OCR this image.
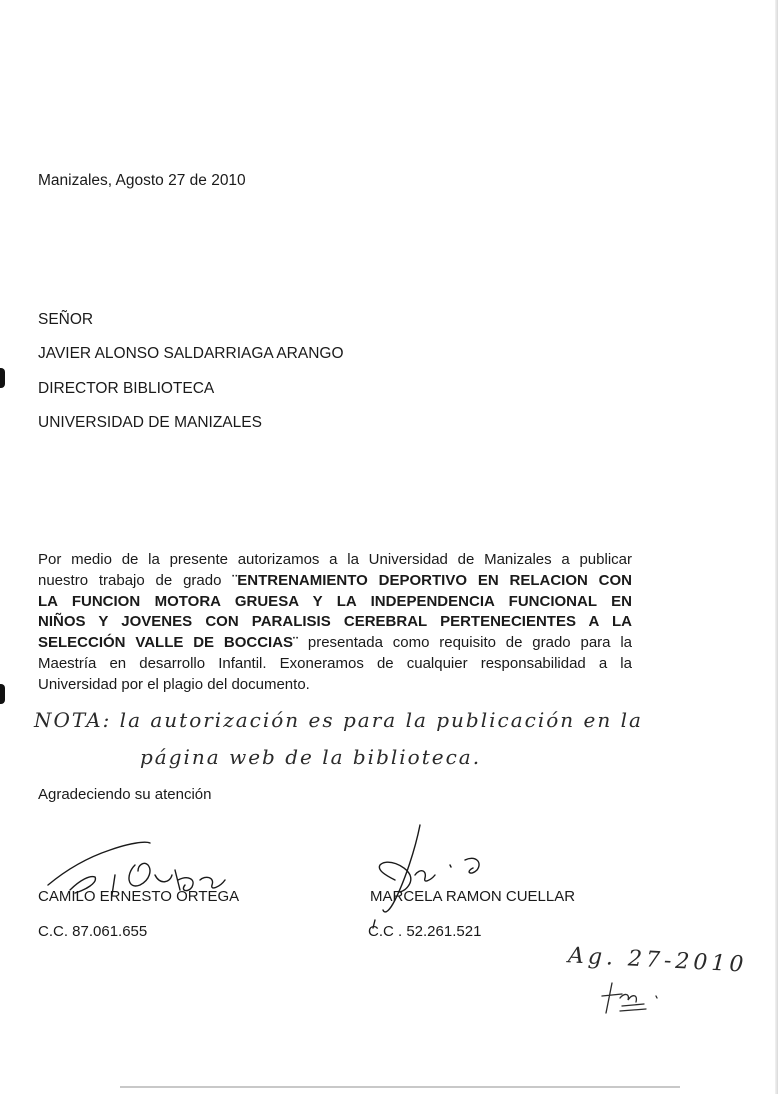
Manizales, Agosto 27 de 2010
SEÑOR
JAVIER ALONSO SALDARRIAGA ARANGO
DIRECTOR BIBLIOTECA
UNIVERSIDAD DE MANIZALES
Por medio de la presente autorizamos a la Universidad de Manizales a publicar
nuestro trabajo de grado ¨ENTRENAMIENTO DEPORTIVO EN RELACION CON
LA FUNCION MOTORA GRUESA Y LA INDEPENDENCIA FUNCIONAL EN
NIÑOS Y JOVENES CON PARALISIS CEREBRAL PERTENECIENTES A LA
SELECCIÓN VALLE DE BOCCIAS¨ presentada como requisito de grado para la
Maestría en desarrollo Infantil. Exoneramos de cualquier responsabilidad a la
Universidad por el plagio del documento.
NOTA: la autorización es para la publicación en la
página web de la biblioteca.
Agradeciendo su atención
CAMILO ERNESTO ORTEGA
C.C. 87.061.655
MARCELA RAMON CUELLAR
C.C . 52.261.521
Ag. 27-2010
